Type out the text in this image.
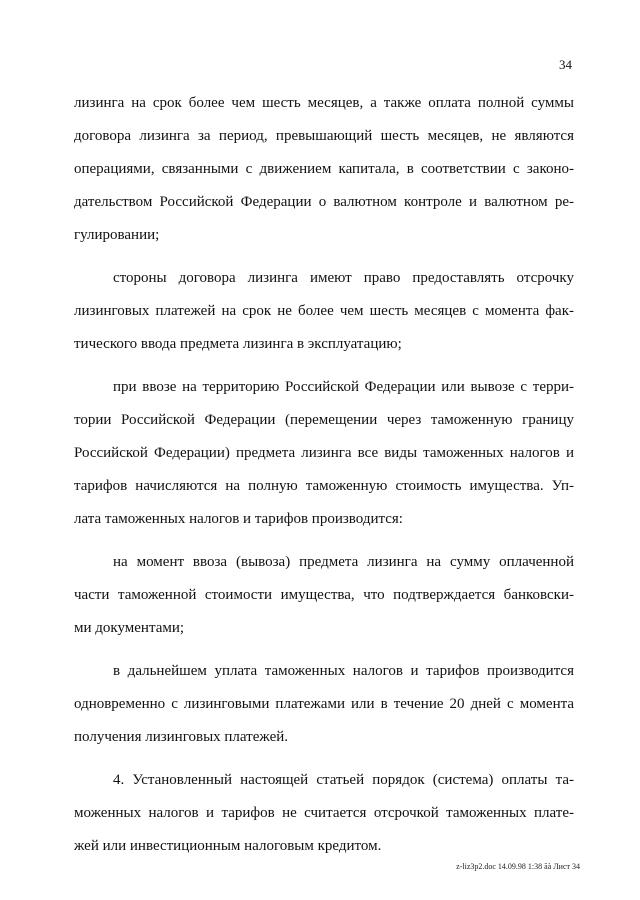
34
лизинга на срок более чем шесть месяцев, а также оплата полной суммы
договора лизинга за период, превышающий шесть месяцев, не являются
операциями, связанными с движением капитала, в соответствии с законо-
дательством Российской Федерации о валютном контроле и валютном ре-
гулировании;
стороны договора лизинга имеют право предоставлять отсрочку
лизинговых платежей на срок не более чем шесть месяцев с момента фак-
тического ввода предмета лизинга в эксплуатацию;
при ввозе на территорию Российской Федерации или вывозе с терри-
тории Российской Федерации (перемещении через таможенную границу
Российской Федерации) предмета лизинга все виды таможенных налогов и
тарифов начисляются на полную таможенную стоимость имущества. Уп-
лата таможенных налогов и тарифов производится:
на момент ввоза (вывоза) предмета лизинга на сумму оплаченной
части таможенной стоимости имущества, что подтверждается банковски-
ми документами;
в дальнейшем уплата таможенных налогов и тарифов производится
одновременно с лизинговыми платежами или в течение 20 дней с момента
получения лизинговых платежей.
4. Установленный настоящей статьей порядок (система) оплаты та-
моженных налогов и тарифов не считается отсрочкой таможенных плате-
жей или инвестиционным налоговым кредитом.
z-liz3p2.doc 14.09.98 1:38 ãà Лист 34
